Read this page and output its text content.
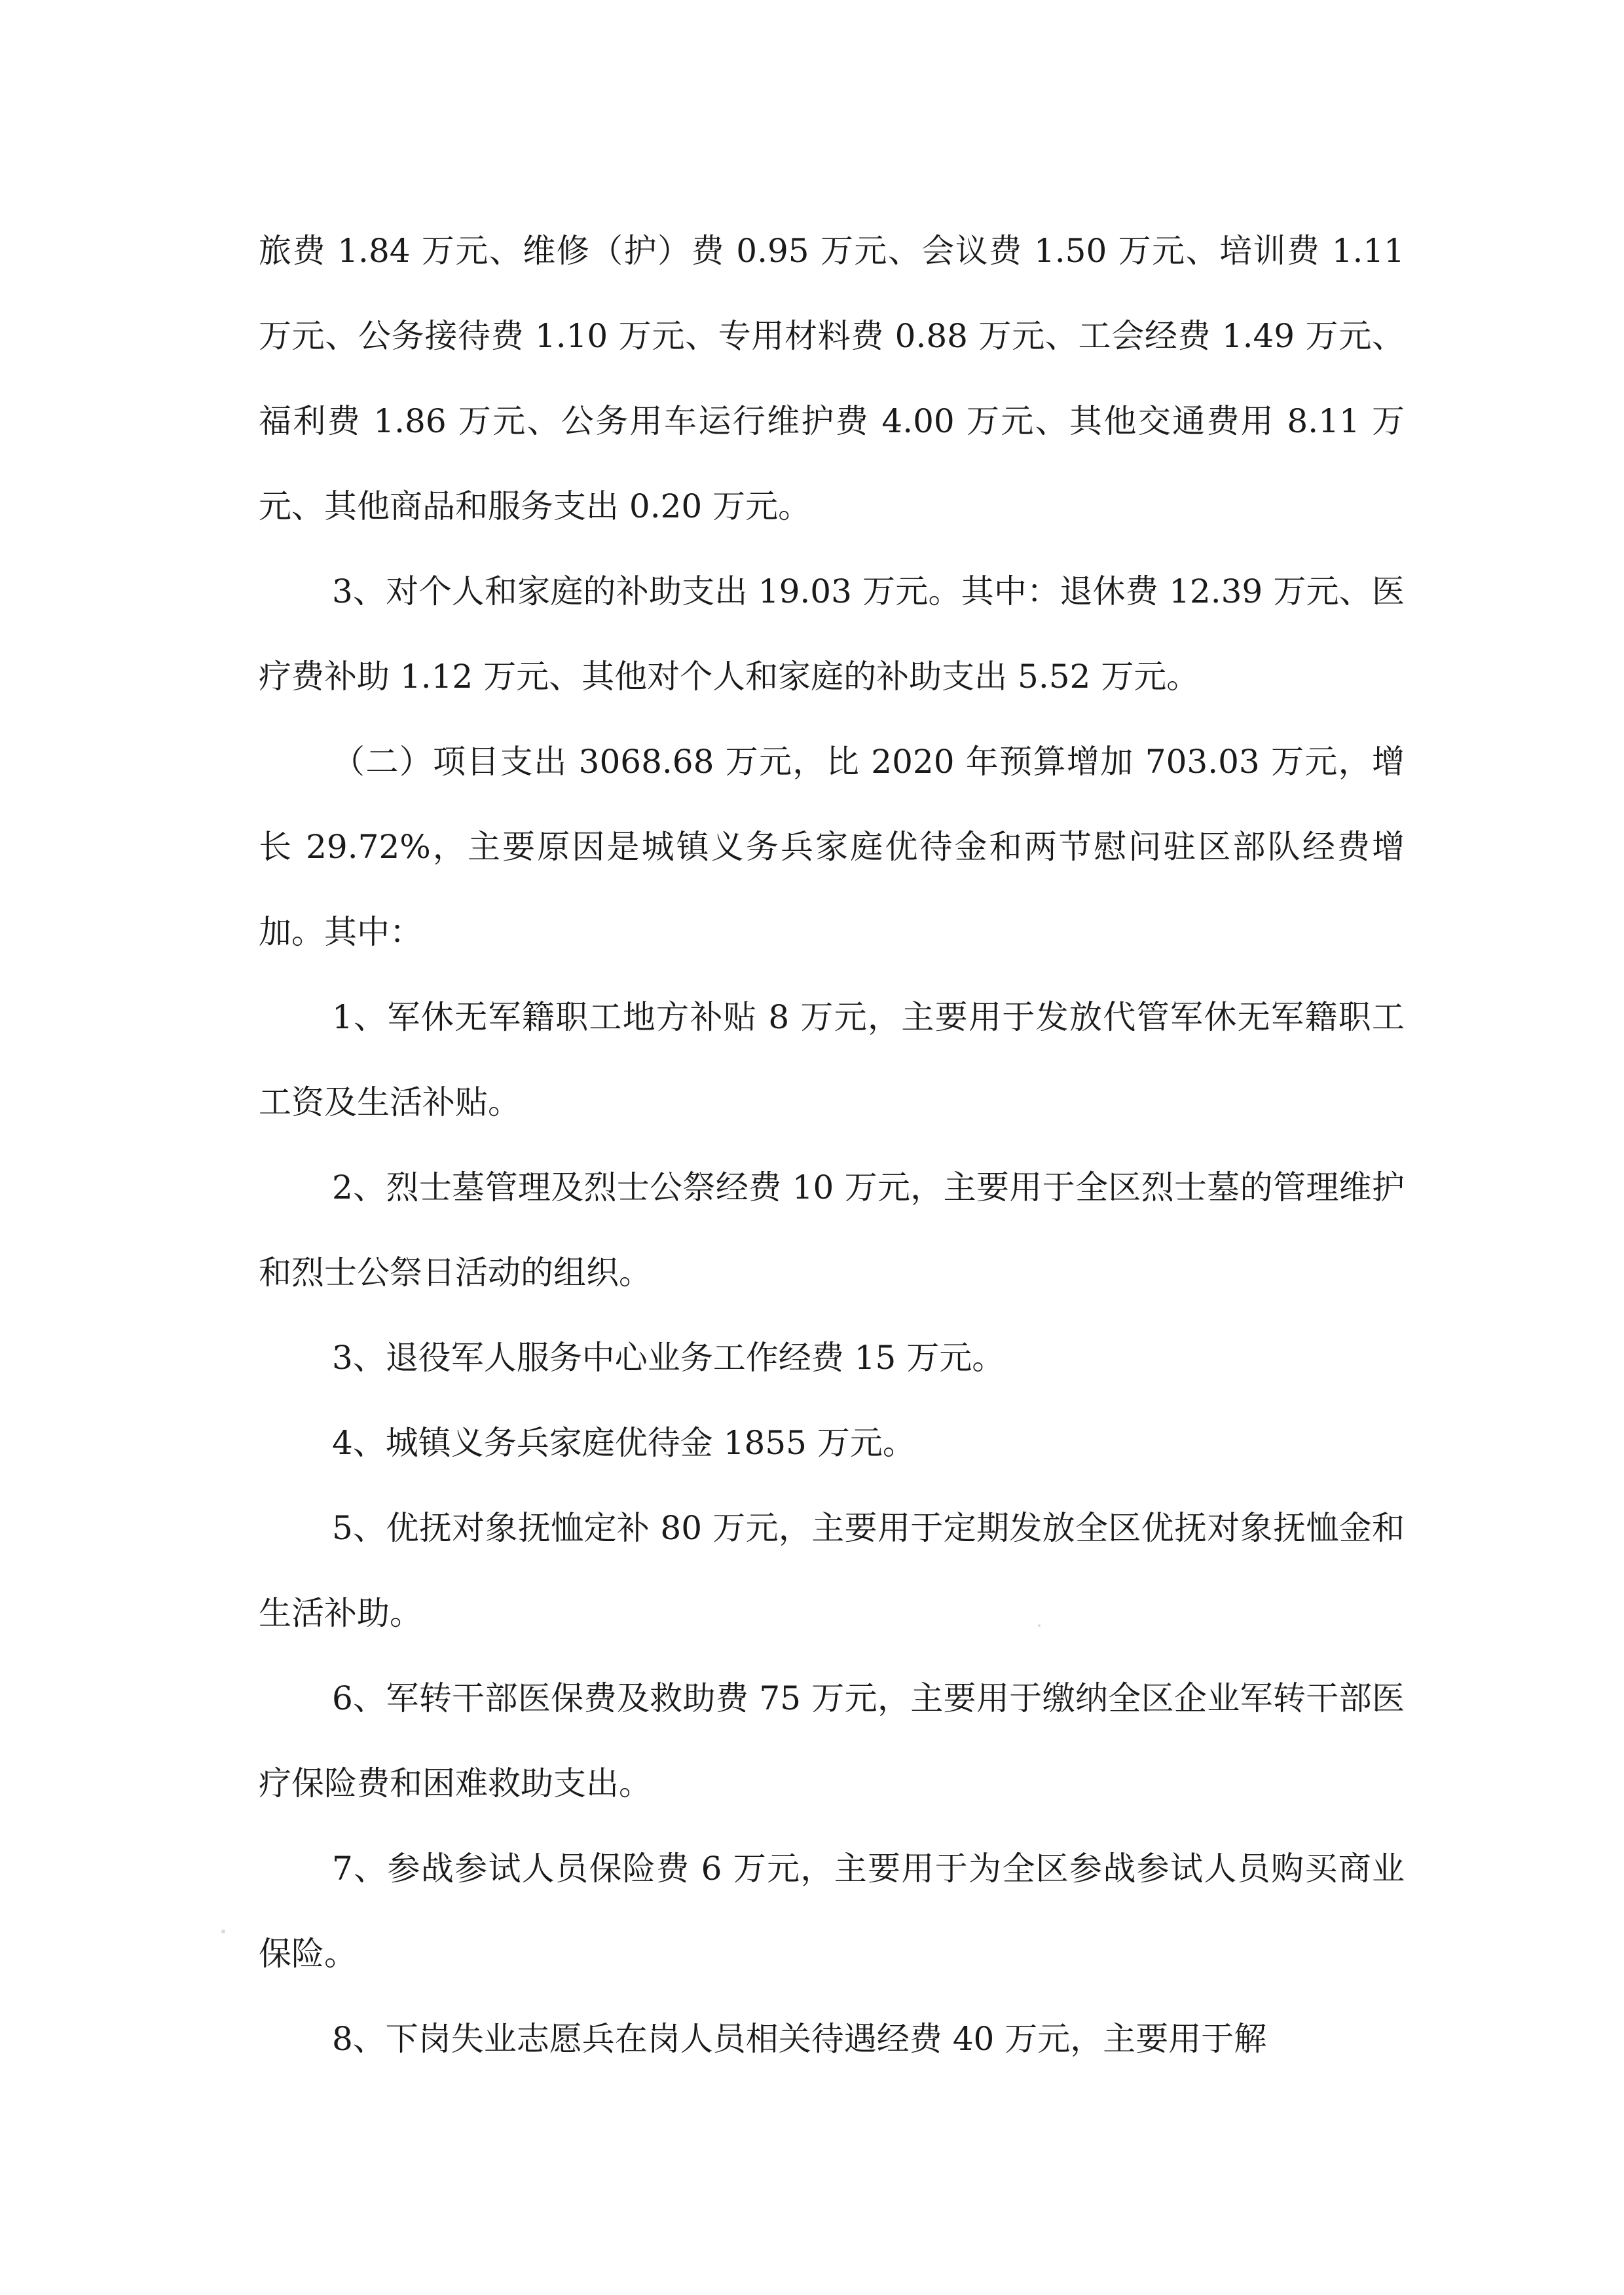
旅费 1.84 万元、维修（护）费 0.95 万元、会议费 1.50 万元、培训费 1.11 万元、公务接待费 1.10 万元、专用材料费 0.88 万元、工会经费 1.49 万元、福利费 1.86 万元、公务用车运行维护费 4.00 万元、其他交通费用 8.11 万元、其他商品和服务支出 0.20 万元。

3、对个人和家庭的补助支出 19.03 万元。其中：退休费 12.39 万元、医疗费补助 1.12 万元、其他对个人和家庭的补助支出 5.52 万元。

（二）项目支出 3068.68 万元，比 2020 年预算增加 703.03 万元，增长 29.72%，主要原因是城镇义务兵家庭优待金和两节慰问驻区部队经费增加。其中：

1、军休无军籍职工地方补贴 8 万元，主要用于发放代管军休无军籍职工工资及生活补贴。

2、烈士墓管理及烈士公祭经费 10 万元，主要用于全区烈士墓的管理维护和烈士公祭日活动的组织。

3、退役军人服务中心业务工作经费 15 万元。

4、城镇义务兵家庭优待金 1855 万元。

5、优抚对象抚恤定补 80 万元，主要用于定期发放全区优抚对象抚恤金和生活补助。

6、军转干部医保费及救助费 75 万元，主要用于缴纳全区企业军转干部医疗保险费和困难救助支出。

7、参战参试人员保险费 6 万元，主要用于为全区参战参试人员购买商业保险。

8、下岗失业志愿兵在岗人员相关待遇经费 40 万元，主要用于解
